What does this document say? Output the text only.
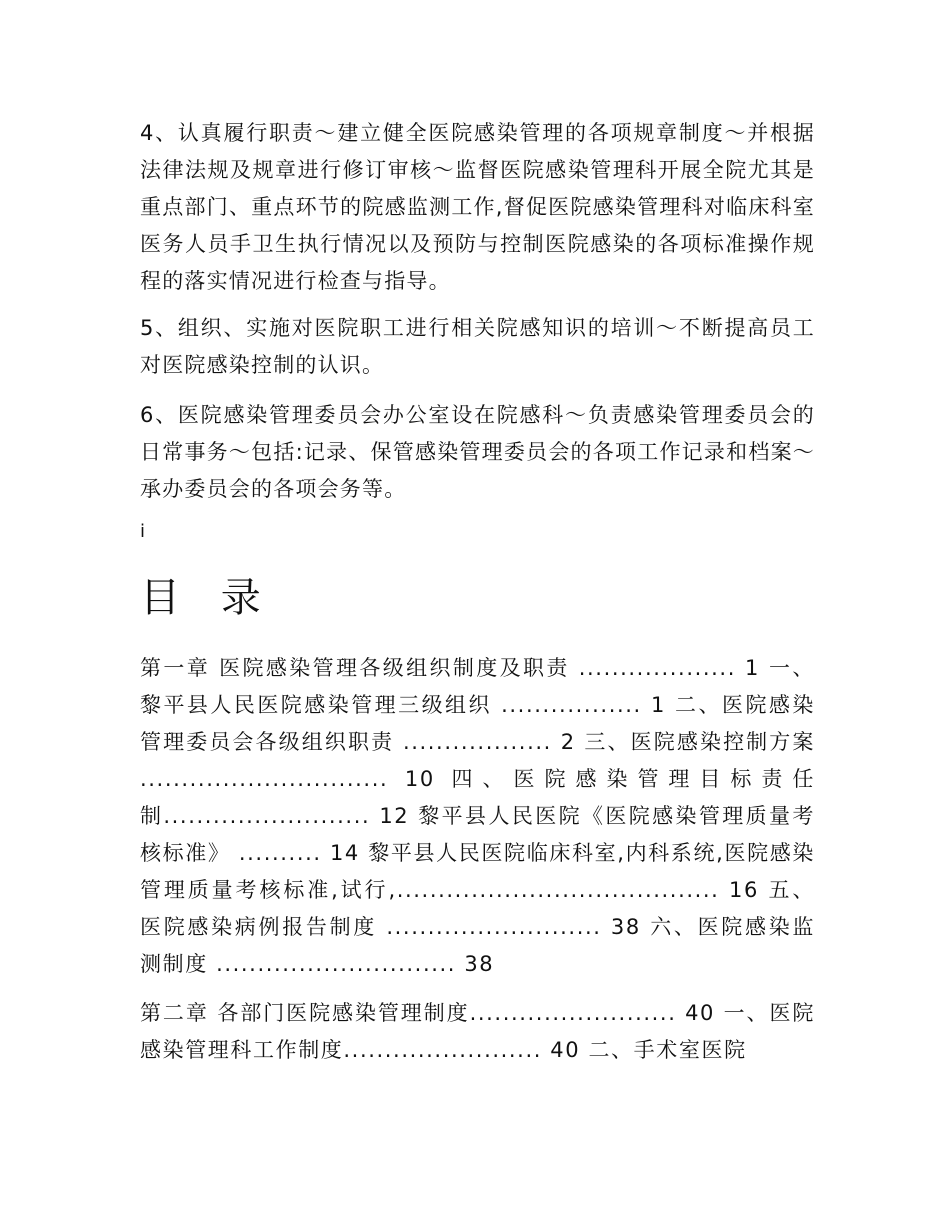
4、认真履行职责～建立健全医院感染管理的各项规章制度～并根据法律法规及规章进行修订审核～监督医院感染管理科开展全院尤其是重点部门、重点环节的院感监测工作,督促医院感染管理科对临床科室医务人员手卫生执行情况以及预防与控制医院感染的各项标准操作规程的落实情况进行检查与指导。

5、组织、实施对医院职工进行相关院感知识的培训～不断提高员工对医院感染控制的认识。

6、医院感染管理委员会办公室设在院感科～负责感染管理委员会的日常事务～包括:记录、保管感染管理委员会的各项工作记录和档案～承办委员会的各项会务等。

i
目 录

第一章 医院感染管理各级组织制度及职责 ................... 1 一、黎平县人民医院感染管理三级组织 ................. 1 二、医院感染管理委员会各级组织职责 .................. 2 三、医院感染控制方案 .............................. 10 四、医院感染管理目标责任制......................... 12 黎平县人民医院《医院感染管理质量考核标准》 .......... 14 黎平县人民医院临床科室,内科系统,医院感染管理质量考核标准,试行,....................................... 16 五、医院感染病例报告制度 .......................... 38 六、医院感染监测制度 ............................. 38

第二章 各部门医院感染管理制度......................... 40 一、医院感染管理科工作制度........................ 40 二、手术室医院
